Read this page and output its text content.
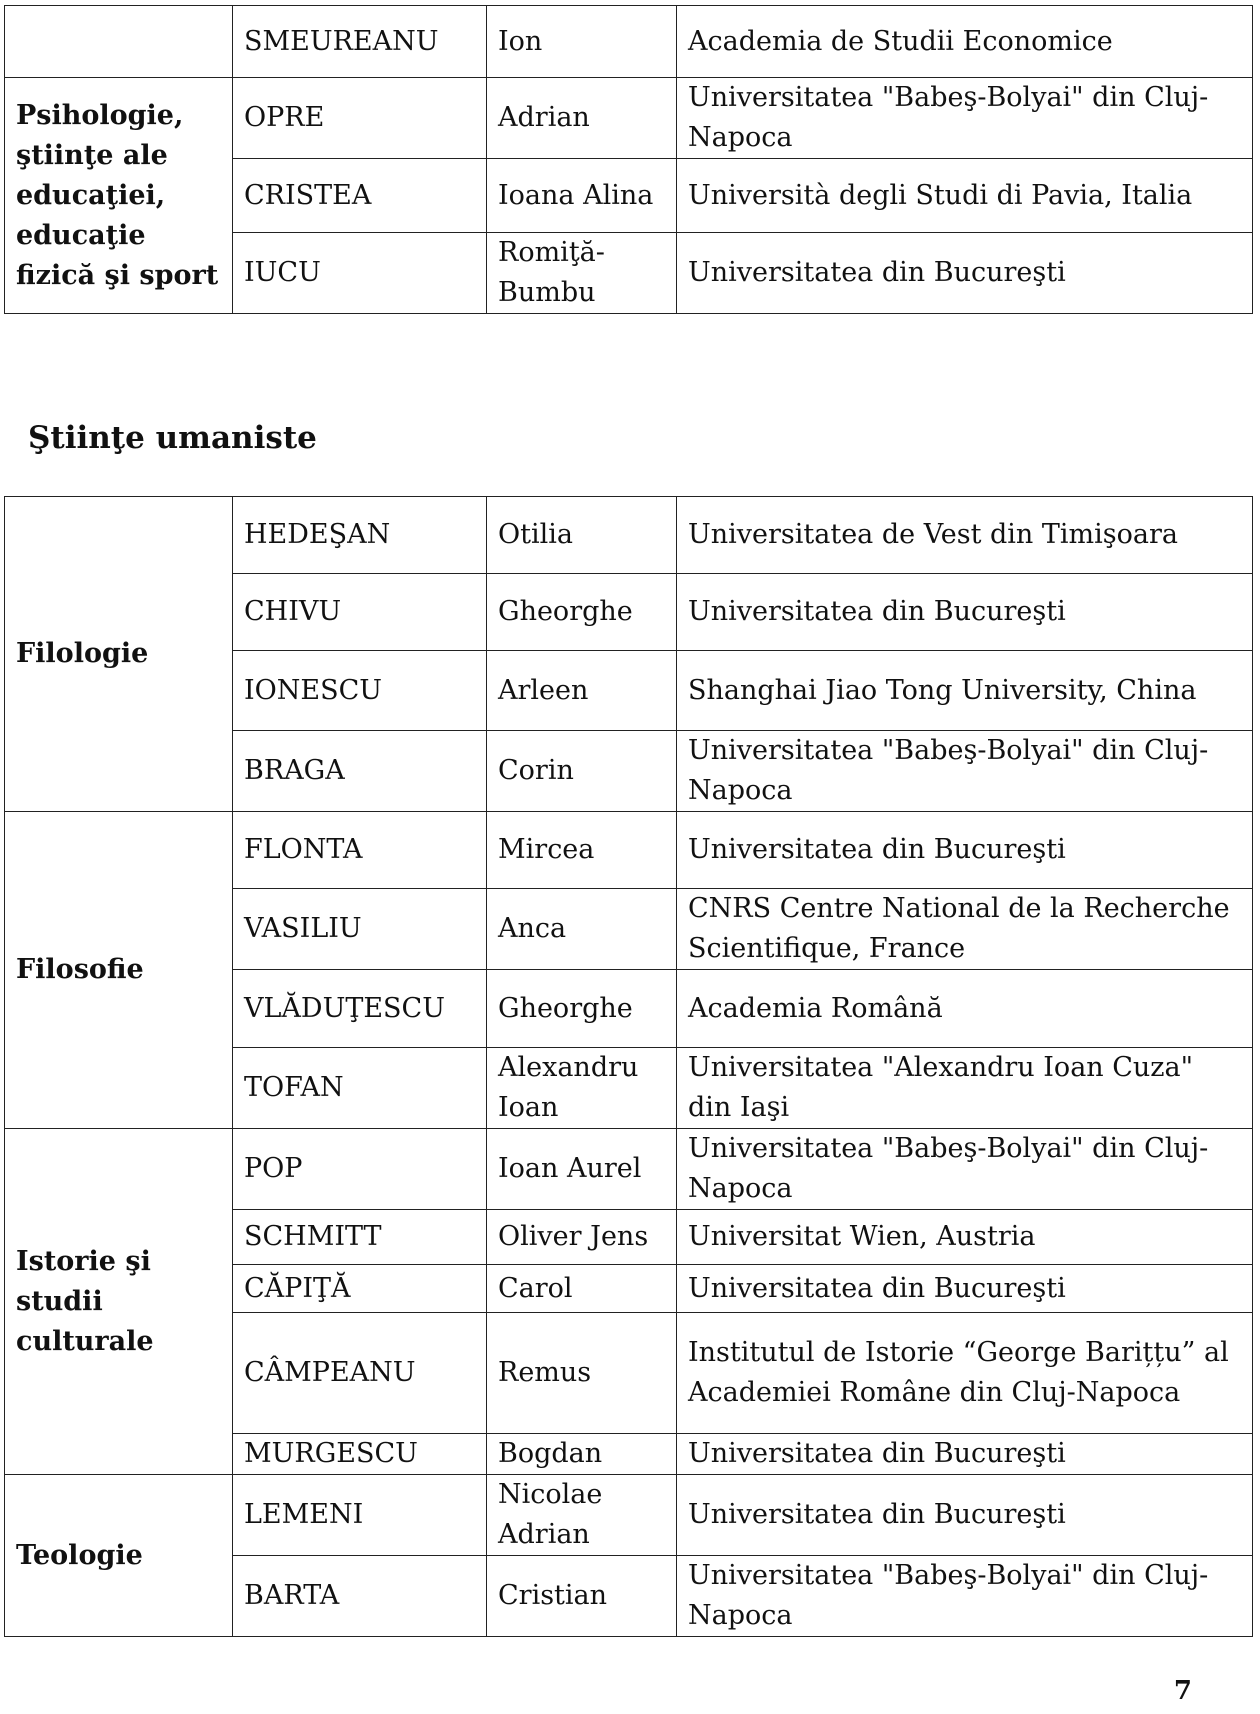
	SMEUREANU	Ion	Academia de Studii Economice
Psihologie, ştiinţe ale educaţiei, educaţie fizică şi sport	OPRE	Adrian	Universitatea "Babeş-Bolyai" din Cluj-Napoca
	CRISTEA	Ioana Alina	Università degli Studi di Pavia, Italia
	IUCU	Romiţă-Bumbu	Universitatea din Bucureşti
Ştiinţe umaniste
Filologie	HEDEŞAN	Otilia	Universitatea de Vest din Timişoara
	CHIVU	Gheorghe	Universitatea din Bucureşti
	IONESCU	Arleen	Shanghai Jiao Tong University, China
	BRAGA	Corin	Universitatea "Babeş-Bolyai" din Cluj-Napoca
Filosofie	FLONTA	Mircea	Universitatea din Bucureşti
	VASILIU	Anca	CNRS Centre National de la Recherche Scientifique, France
	VLĂDUŢESCU	Gheorghe	Academia Română
	TOFAN	Alexandru Ioan	Universitatea "Alexandru Ioan Cuza" din Iaşi
Istorie şi studii culturale	POP	Ioan Aurel	Universitatea "Babeş-Bolyai" din Cluj-Napoca
	SCHMITT	Oliver Jens	Universitat Wien, Austria
	CĂPIŢĂ	Carol	Universitatea din Bucureşti
	CÂMPEANU	Remus	Institutul de Istorie “George Barițțu” al Academiei Române din Cluj-Napoca
	MURGESCU	Bogdan	Universitatea din Bucureşti
Teologie	LEMENI	Nicolae Adrian	Universitatea din Bucureşti
	BARTA	Cristian	Universitatea "Babeş-Bolyai" din Cluj-Napoca
7
